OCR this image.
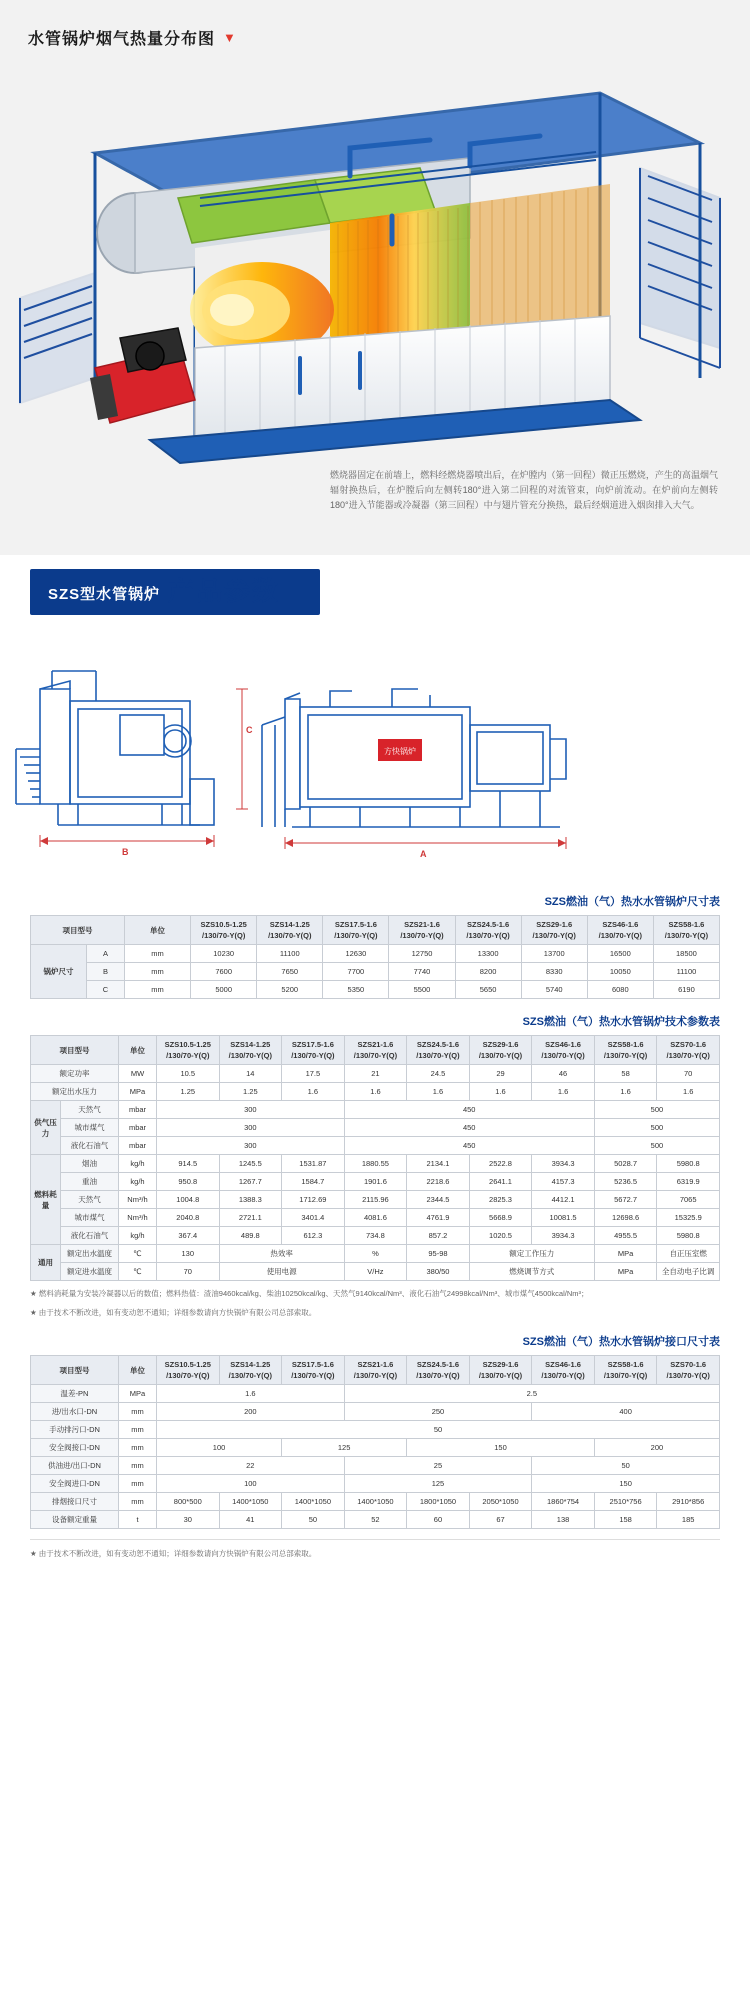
水管锅炉烟气热量分布图 ▼
燃烧器固定在前墙上，燃料经燃烧器喷出后，在炉膛内（第一回程）微正压燃烧，产生的高温烟气辐射换热后，在炉膛后向左侧转180°进入第二回程的对流管束，向炉前流动。在炉前向左侧转180°进入节能器或冷凝器（第三回程）中与翅片管充分换热，最后经烟道进入烟囱排入大气。
SZS型水管锅炉 产品参数
B
方快锅炉
A
C
SZS燃油（气）热水水管锅炉尺寸表
项目型号		单位	SZS10.5-1.25 /130/70-Y(Q)	SZS14-1.25 /130/70-Y(Q)	SZS17.5-1.6 /130/70-Y(Q)	SZS21-1.6 /130/70-Y(Q)	SZS24.5-1.6 /130/70-Y(Q)	SZS29-1.6 /130/70-Y(Q)	SZS46-1.6 /130/70-Y(Q)	SZS58-1.6 /130/70-Y(Q)
锅炉尺寸	A	mm	10230	11100	12630	12750	13300	13700	16500	18500
	B	mm	7600	7650	7700	7740	8200	8330	10050	11100
	C	mm	5000	5200	5350	5500	5650	5740	6080	6190
SZS燃油（气）热水水管锅炉技术参数表
项目型号		单位	SZS10.5-1.25 /130/70-Y(Q)	SZS14-1.25 /130/70-Y(Q)	SZS17.5-1.6 /130/70-Y(Q)	SZS21-1.6 /130/70-Y(Q)	SZS24.5-1.6 /130/70-Y(Q)	SZS29-1.6 /130/70-Y(Q)	SZS46-1.6 /130/70-Y(Q)	SZS58-1.6 /130/70-Y(Q)	SZS70-1.6 /130/70-Y(Q)
额定功率		MW	10.5	14	17.5	21	24.5	29	46	58	70
额定出水压力		MPa	1.25	1.25	1.6	1.6	1.6	1.6	1.6	1.6	1.6
供气压力	天然气	mbar	300			450				500	
	城市煤气	mbar	300			450				500	
	液化石油气	mbar	300			450				500	
燃料耗量	烟油	kg/h	914.5	1245.5	1531.87	1880.55	2134.1	2522.8	3934.3	5028.7	5980.8
	重油	kg/h	950.8	1267.7	1584.7	1901.6	2218.6	2641.1	4157.3	5236.5	6319.9
	天然气	Nm³/h	1004.8	1388.3	1712.69	2115.96	2344.5	2825.3	4412.1	5672.7	7065
	城市煤气	Nm³/h	2040.8	2721.1	3401.4	4081.6	4761.9	5668.9	10081.5	12698.6	15325.9
	液化石油气	kg/h	367.4	489.8	612.3	734.8	857.2	1020.5	3934.3	4955.5	5980.8
通用	额定出水温度	℃	130	热效率		%	95-98	额定工作压力		MPa	自正压室燃
	额定进水温度	℃	70	使用电源		V/Hz	380/50	燃烧调节方式		MPa	全自动电子比调
★ 燃料消耗量为安装冷凝器以后的数值；燃料热值：渣油9460kcal/kg、柴油10250kcal/kg、天然气9140kcal/Nm³、液化石油气24998kcal/Nm³、城市煤气4500kcal/Nm³；
★ 由于技术不断改进，如有变动恕不通知；详细参数请向方快锅炉有限公司总部索取。
SZS燃油（气）热水水管锅炉接口尺寸表
项目型号	单位	SZS10.5-1.25 /130/70-Y(Q)	SZS14-1.25 /130/70-Y(Q)	SZS17.5-1.6 /130/70-Y(Q)	SZS21-1.6 /130/70-Y(Q)	SZS24.5-1.6 /130/70-Y(Q)	SZS29-1.6 /130/70-Y(Q)	SZS46-1.6 /130/70-Y(Q)	SZS58-1.6 /130/70-Y(Q)	SZS70-1.6 /130/70-Y(Q)
温差-PN	MPa	1.6			2.5					
进/出水口-DN	mm	200			250			400		
手动排污口-DN	mm	50								
安全阀接口-DN	mm	100		125		150			200	
供油进/出口-DN	mm	22			25			50		
安全阀进口-DN	mm	100			125			150		
排烟接口尺寸	mm	800*500	1400*1050	1400*1050	1400*1050	1800*1050	2050*1050	1860*754	2510*756	2910*856
设备额定重量	t	30	41	50	52	60	67	138	158	185
★ 由于技术不断改进，如有变动恕不通知；详细参数请向方快锅炉有限公司总部索取。
